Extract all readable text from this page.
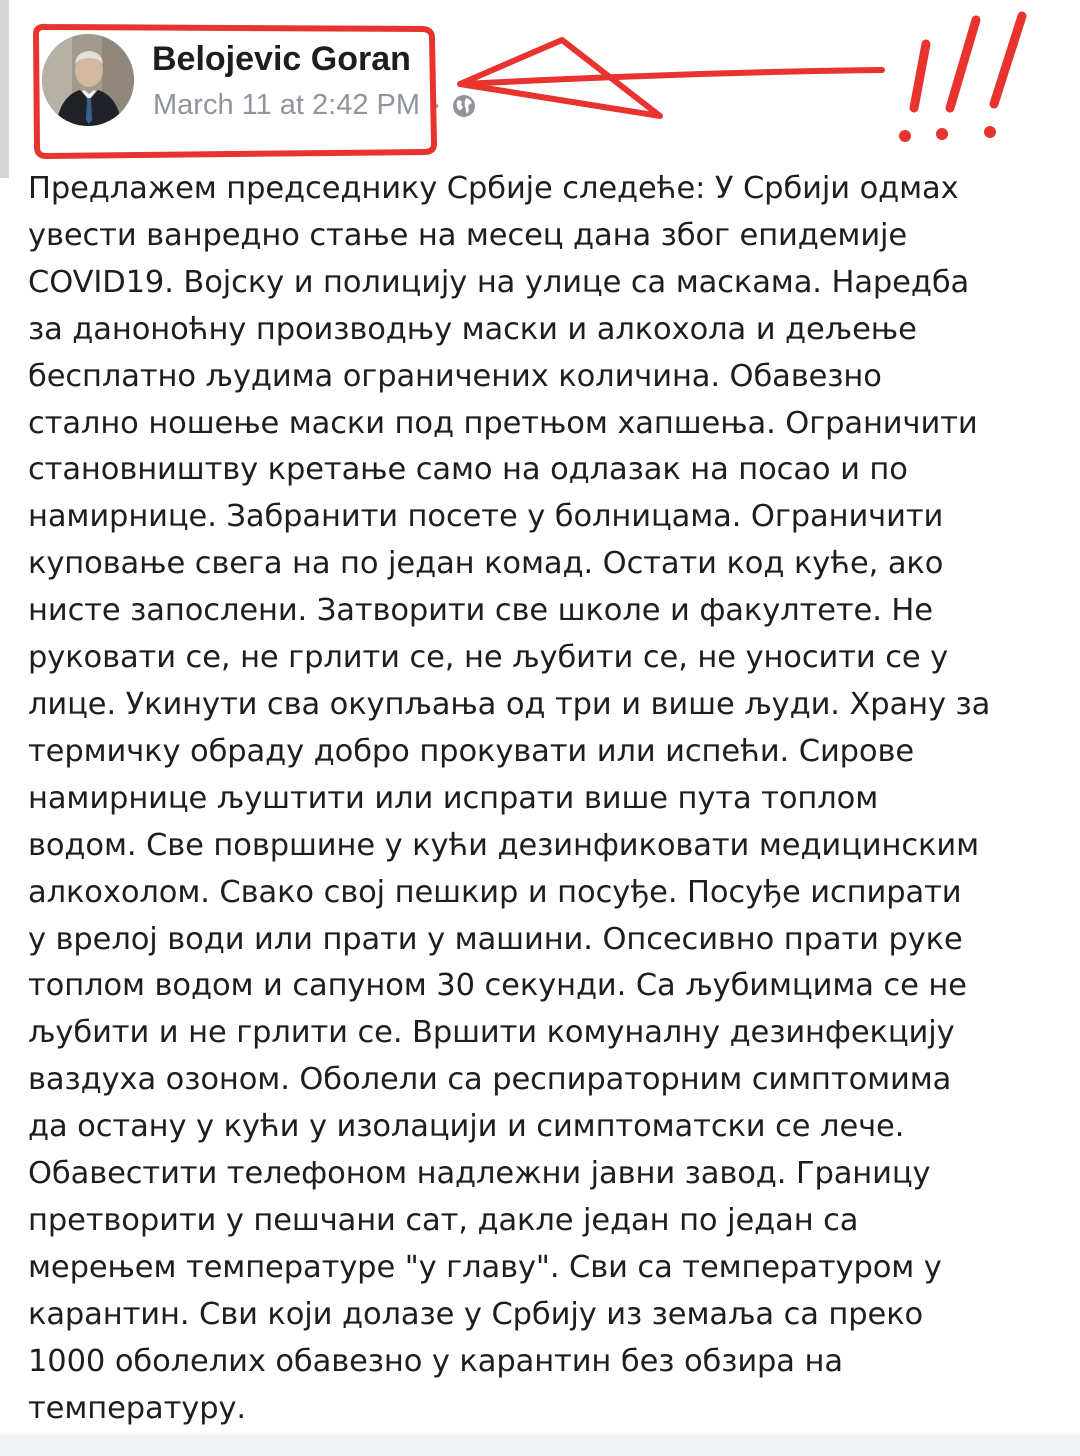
Belojevic Goran
March 11 at 2:42 PM ·
Предлажем председнику Србије следеће: У Србији одмах
увести ванредно стање на месец дана због епидемије
COVID19. Војску и полицију на улице са маскама. Наредба
за данонoћну производњу маски и алкохола и дељење
бесплатно људима ограничених количина. Обавезно
стално ношење маски под претњом хапшења. Ограничити
становништву кретање само на одлазак на посао и по
намирнице. Забранити посете у болницама. Ограничити
куповање свега на по један комад. Остати код куће, ако
нисте запослени. Затворити све школе и факултете. Не
руковати се, не грлити се, не љубити се, не уносити се у
лице. Укинути сва окупљања од три и више људи. Храну за
термичку обраду добро прокувати или испећи. Сирове
намирнице љуштити или испрати више пута топлом
водом. Све површине у кући дезинфиковати медицинским
алкохолом. Свако свој пешкир и посуђе. Посуђе испирати
у врелој води или прати у машини. Опсесивно прати руке
топлом водом и сапуном 30 секунди. Са љубимцима се не
љубити и не грлити се. Вршити комуналну дезинфекцију
ваздуха озоном. Оболели са респираторним симптомима
да остану у кући у изолацији и симптоматски се лече.
Обавестити телефоном надлежни јавни завод. Границу
претворити у пешчани сат, дакле један по један са
мерењем температуре "у главу". Сви са температуром у
карантин. Сви који долазе у Србију из земаља са преко
1000 оболелих обавезно у карантин без обзира на
температуру.
